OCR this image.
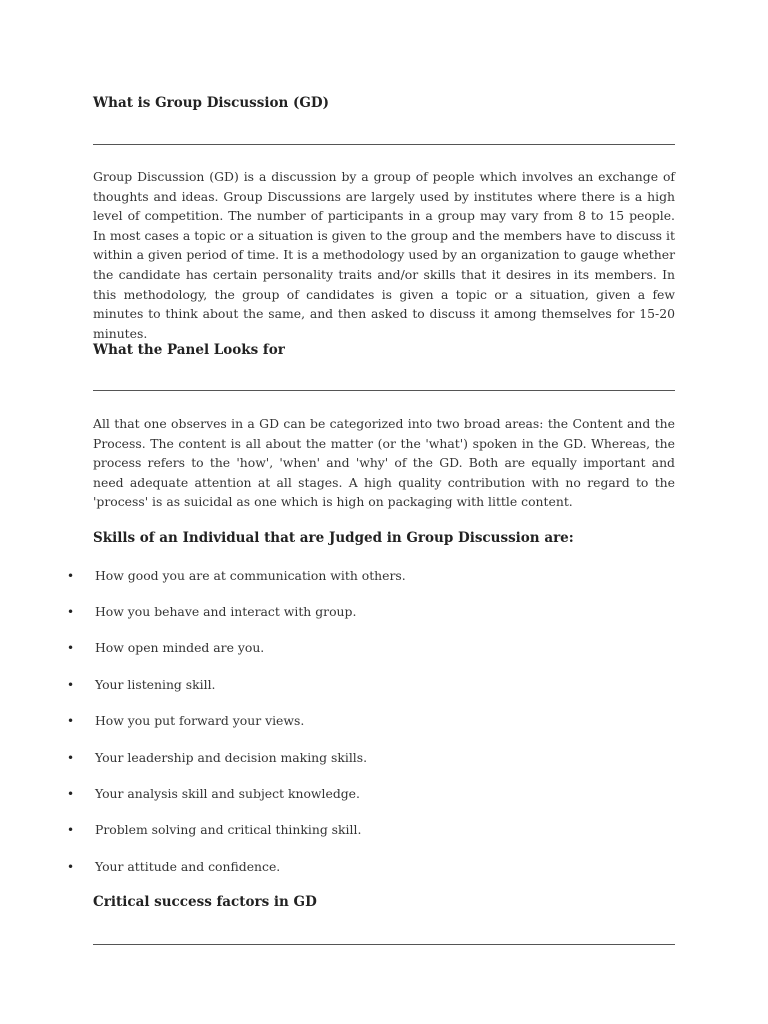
What is Group Discussion (GD)

Group Discussion (GD) is a discussion by a group of people which involves an exchange of thoughts and ideas. Group Discussions are largely used by institutes where there is a high level of competition. The number of participants in a group may vary from 8 to 15 people. In most cases a topic or a situation is given to the group and the members have to discuss it within a given period of time. It is a methodology used by an organization to gauge whether the candidate has certain personality traits and/or skills that it desires in its members. In this methodology, the group of candidates is given a topic or a situation, given a few minutes to think about the same, and then asked to discuss it among themselves for 15-20 minutes.

What the Panel Looks for

All that one observes in a GD can be categorized into two broad areas: the Content and the Process. The content is all about the matter (or the 'what') spoken in the GD. Whereas, the process refers to the 'how', 'when' and 'why' of the GD. Both are equally important and need adequate attention at all stages. A high quality contribution with no regard to the 'process' is as suicidal as one which is high on packaging with little content.

Skills of an Individual that are Judged in Group Discussion are:
• How good you are at communication with others.
• How you behave and interact with group.
• How open minded are you.
• Your listening skill.
• How you put forward your views.
• Your leadership and decision making skills.
• Your analysis skill and subject knowledge.
• Problem solving and critical thinking skill.
• Your attitude and confidence.
Critical success factors in GD
